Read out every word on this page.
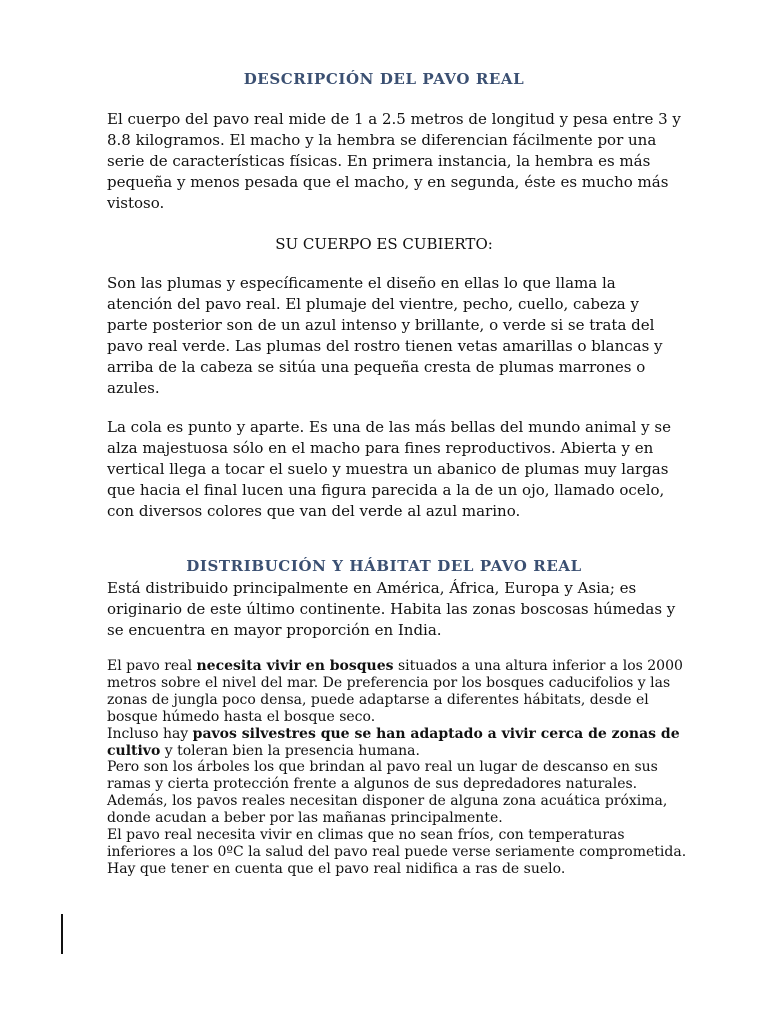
DESCRIPCIÓN DEL PAVO REAL

El cuerpo del pavo real mide de 1 a 2.5 metros de longitud y pesa entre 3 y 8.8 kilogramos. El macho y la hembra se diferencian fácilmente por una serie de características físicas. En primera instancia, la hembra es más pequeña y menos pesada que el macho, y en segunda, éste es mucho más vistoso.

SU CUERPO ES CUBIERTO:

Son las plumas y específicamente el diseño en ellas lo que llama la atención del pavo real. El plumaje del vientre, pecho, cuello, cabeza y parte posterior son de un azul intenso y brillante, o verde si se trata del pavo real verde. Las plumas del rostro tienen vetas amarillas o blancas y arriba de la cabeza se sitúa una pequeña cresta de plumas marrones o azules.

La cola es punto y aparte. Es una de las más bellas del mundo animal y se alza majestuosa sólo en el macho para fines reproductivos. Abierta y en vertical llega a tocar el suelo y muestra un abanico de plumas muy largas que hacia el final lucen una figura parecida a la de un ojo, llamado ocelo, con diversos colores que van del verde al azul marino.

DISTRIBUCIÓN Y HÁBITAT DEL PAVO REAL

Está distribuido principalmente en América, África, Europa y Asia; es originario de este último continente. Habita las zonas boscosas húmedas y se encuentra en mayor proporción en India.

El pavo real necesita vivir en bosques situados a una altura inferior a los 2000 metros sobre el nivel del mar. De preferencia por los bosques caducifolios y las zonas de jungla poco densa, puede adaptarse a diferentes hábitats, desde el bosque húmedo hasta el bosque seco.
Incluso hay pavos silvestres que se han adaptado a vivir cerca de zonas de cultivo y toleran bien la presencia humana.
Pero son los árboles los que brindan al pavo real un lugar de descanso en sus ramas y cierta protección frente a algunos de sus depredadores naturales. Además, los pavos reales necesitan disponer de alguna zona acuática próxima, donde acudan a beber por las mañanas principalmente.
El pavo real necesita vivir en climas que no sean fríos, con temperaturas inferiores a los 0ºC la salud del pavo real puede verse seriamente comprometida. Hay que tener en cuenta que el pavo real nidifica a ras de suelo.
